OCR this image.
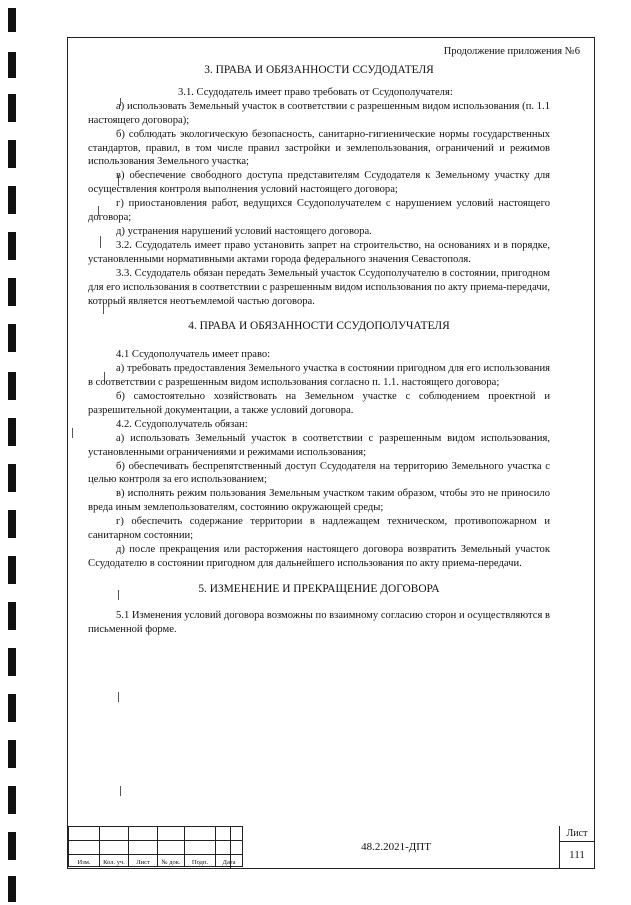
Продолжение приложения №6

Изм.	Кол. уч.	Лист	№ док.	Подп.	Дата
48.2.2021-ДПТ
Лист
111

3. ПРАВА И ОБЯЗАННОСТИ ССУДОДАТЕЛЯ

3.1. Ссудодатель имеет право требовать от Ссудополучателя:

а) использовать Земельный участок в соответствии с разрешенным видом использования (п. 1.1 настоящего договора);

б) соблюдать экологическую безопасность, санитарно-гигиенические нормы государственных стандартов, правил, в том числе правил застройки и землепользования, ограничений и режимов использования Земельного участка;

в) обеспечение свободного доступа представителям Ссудодателя к Земельному участку для осуществления контроля выполнения условий настоящего договора;

г) приостановления работ, ведущихся Ссудополучателем с нарушением условий настоящего договора;

д) устранения нарушений условий настоящего договора.

3.2. Ссудодатель имеет право установить запрет на строительство, на основаниях и в порядке, установленными нормативными актами города федерального значения Севастополя.

3.3. Ссудодатель обязан передать Земельный участок Ссудополучателю в состоянии, пригодном для его использования в соответствии с разрешенным видом использования по акту приема-передачи, который является неотъемлемой частью договора.

4. ПРАВА И ОБЯЗАННОСТИ ССУДОПОЛУЧАТЕЛЯ

4.1 Ссудополучатель имеет право:

а) требовать предоставления Земельного участка в состоянии пригодном для его использования в соответствии с разрешенным видом использования согласно п. 1.1. настоящего договора;

б) самостоятельно хозяйствовать на Земельном участке с соблюдением проектной и разрешительной документации, а также условий договора.

4.2. Ссудополучатель обязан:

а) использовать Земельный участок в соответствии с разрешенным видом использования, установленными ограничениями и режимами использования;

б) обеспечивать беспрепятственный доступ Ссудодателя на территорию Земельного участка с целью контроля за его использованием;

в) исполнять режим пользования Земельным участком таким образом, чтобы это не приносило вреда иным землепользователям, состоянию окружающей среды;

г) обеспечить содержание территории в надлежащем техническом, противопожарном и санитарном состоянии;

д) после прекращения или расторжения настоящего договора возвратить Земельный участок Ссудодателю в состоянии пригодном для дальнейшего использования по акту приема-передачи.

5. ИЗМЕНЕНИЕ И ПРЕКРАЩЕНИЕ ДОГОВОРА

5.1 Изменения условий договора возможны по взаимному согласию сторон и осуществляются в письменной форме.
